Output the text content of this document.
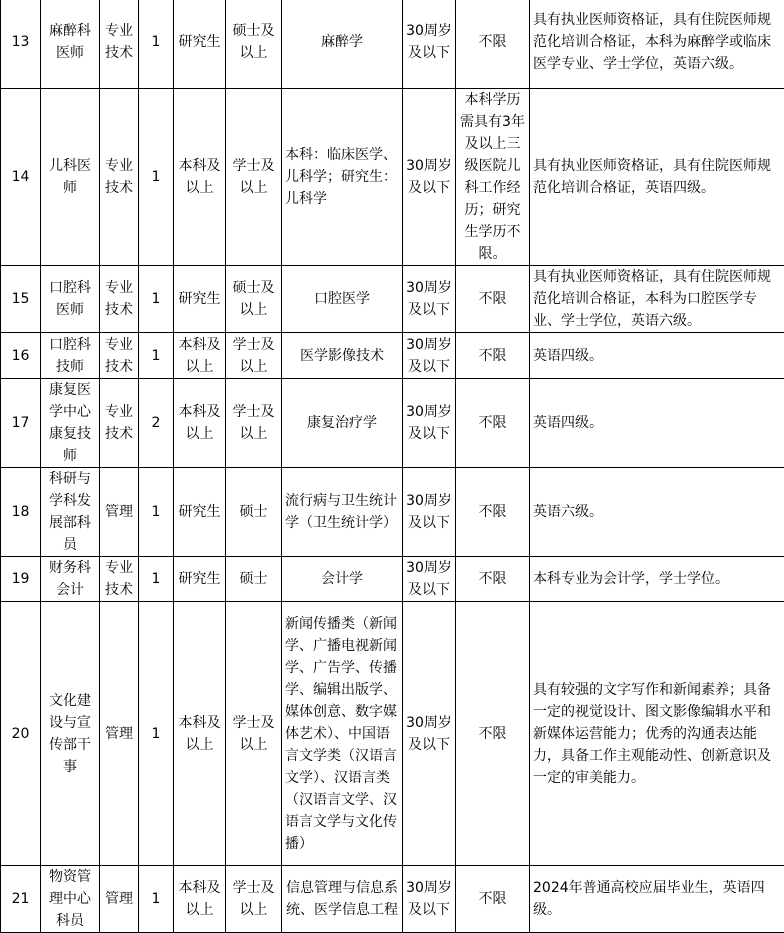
13	麻醉科医师	专业技术	1	研究生	硕士及以上	麻醉学	30周岁及以下	不限	具有执业医师资格证，具有住院医师规范化培训合格证，本科为麻醉学或临床医学专业、学士学位，英语六级。
14	儿科医师	专业技术	1	本科及以上	学士及以上	本科：临床医学、儿科学；研究生：儿科学	30周岁及以下	本科学历需具有3年及以上三级医院儿科工作经历；研究生学历不限。	具有执业医师资格证，具有住院医师规范化培训合格证，英语四级。
15	口腔科医师	专业技术	1	研究生	硕士及以上	口腔医学	30周岁及以下	不限	具有执业医师资格证，具有住院医师规范化培训合格证，本科为口腔医学专业、学士学位，英语六级。
16	口腔科技师	专业技术	1	本科及以上	学士及以上	医学影像技术	30周岁及以下	不限	英语四级。
17	康复医学中心康复技师	专业技术	2	本科及以上	学士及以上	康复治疗学	30周岁及以下	不限	英语四级。
18	科研与学科发展部科员	管理	1	研究生	硕士	流行病与卫生统计学（卫生统计学）	30周岁及以下	不限	英语六级。
19	财务科会计	专业技术	1	研究生	硕士	会计学	30周岁及以下	不限	本科专业为会计学，学士学位。
20	文化建设与宣传部干事	管理	1	本科及以上	学士及以上	新闻传播类（新闻学、广播电视新闻学、广告学、传播学、编辑出版学、媒体创意、数字媒体艺术）、中国语言文学类（汉语言文学）、汉语言类（汉语言文学、汉语言文学与文化传播）	30周岁及以下	不限	具有较强的文字写作和新闻素养；具备一定的视觉设计、图文影像编辑水平和新媒体运营能力；优秀的沟通表达能力，具备工作主观能动性、创新意识及一定的审美能力。
21	物资管理中心科员	管理	1	本科及以上	学士及以上	信息管理与信息系统、医学信息工程	30周岁及以下	不限	2024年普通高校应届毕业生，英语四级。
